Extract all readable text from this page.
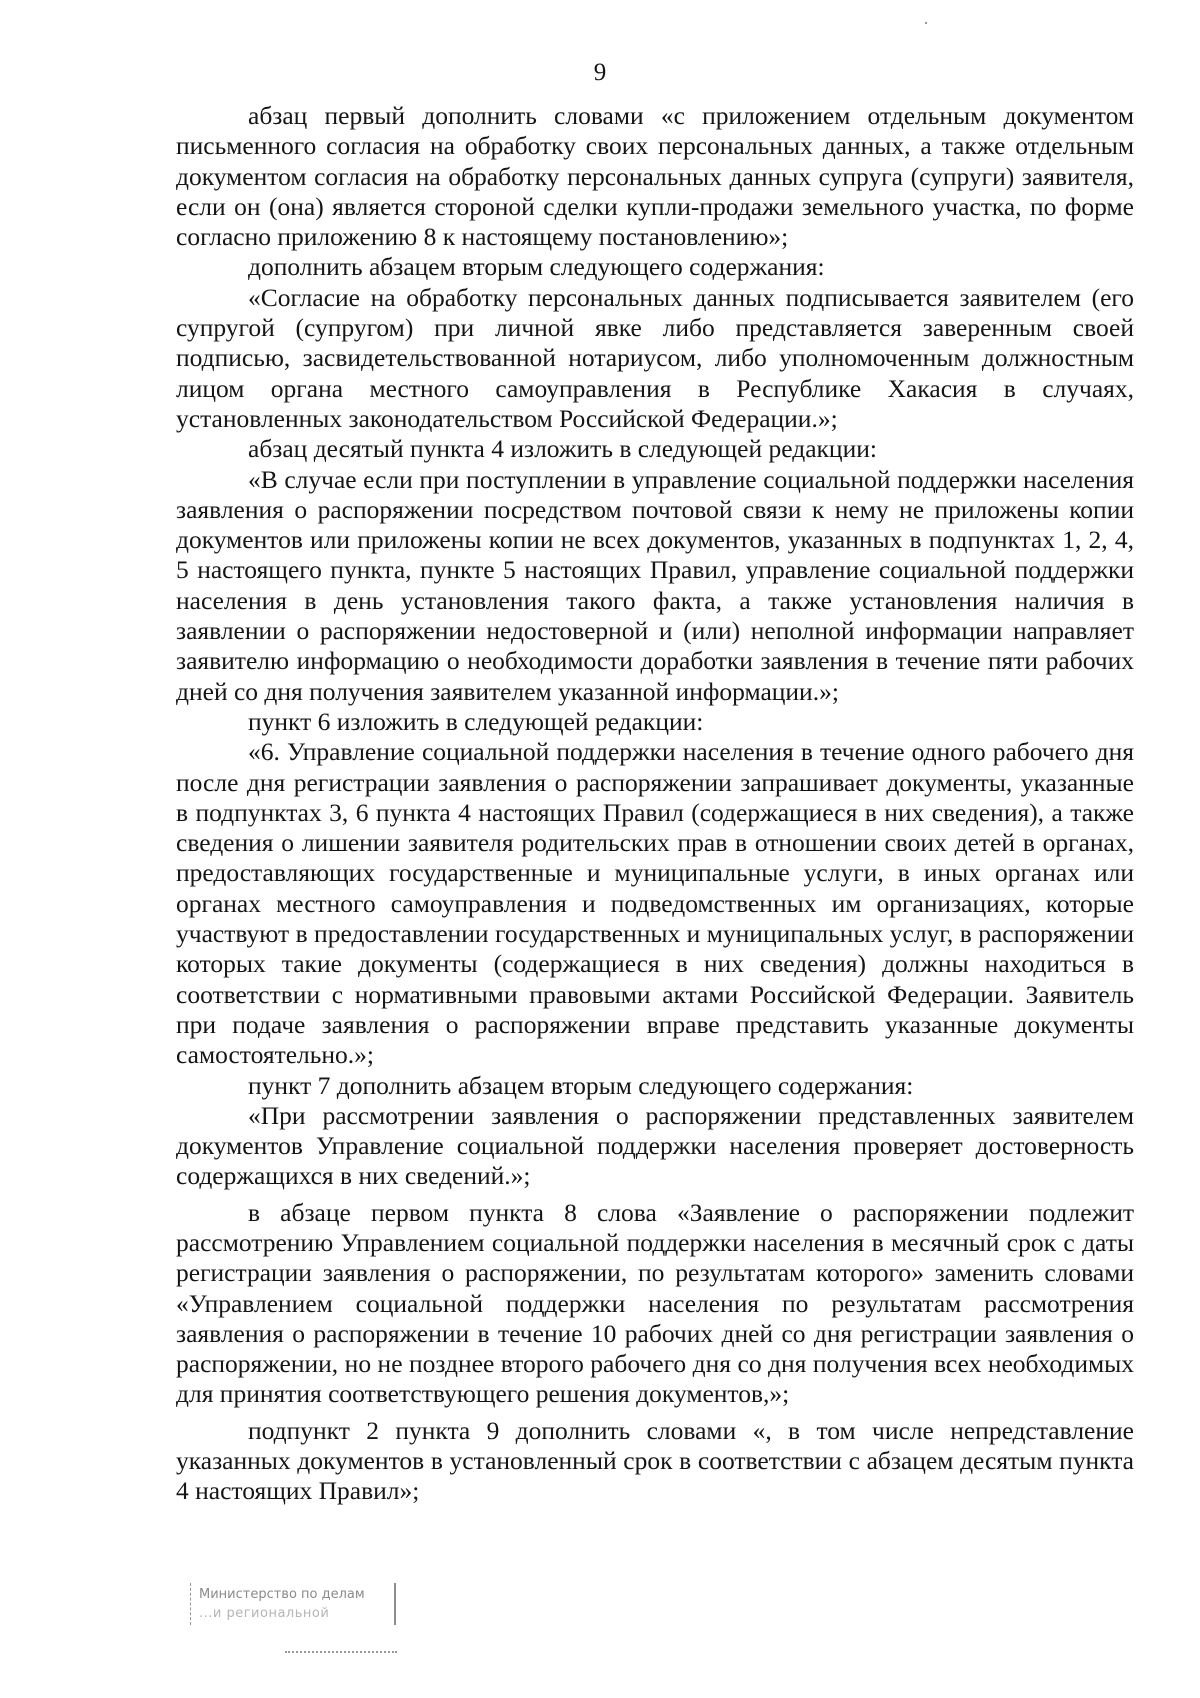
9

абзац первый дополнить словами «с приложением отдельным документом письменного согласия на обработку своих персональных данных, а также отдельным документом согласия на обработку персональных данных супруга (супруги) заявителя, если он (она) является стороной сделки купли-продажи земельного участка, по форме согласно приложению 8 к настоящему постановлению»;

дополнить абзацем вторым следующего содержания:

«Согласие на обработку персональных данных подписывается заявителем (его супругой (супругом) при личной явке либо представляется заверенным своей подписью, засвидетельствованной нотариусом, либо уполномоченным должностным лицом органа местного самоуправления в Республике Хакасия в случаях, установленных законодательством Российской Федерации.»;

абзац десятый пункта 4 изложить в следующей редакции:

«В случае если при поступлении в управление социальной поддержки населения заявления о распоряжении посредством почтовой связи к нему не приложены копии документов или приложены копии не всех документов, указанных в подпунктах 1, 2, 4, 5 настоящего пункта, пункте 5 настоящих Правил, управление социальной поддержки населения в день установления такого факта, а также установления наличия в заявлении о распоряжении недостоверной и (или) неполной информации направляет заявителю информацию о необходимости доработки заявления в течение пяти рабочих дней со дня получения заявителем указанной информации.»;

пункт 6 изложить в следующей редакции:

«6. Управление социальной поддержки населения в течение одного рабочего дня после дня регистрации заявления о распоряжении запрашивает документы, указанные в подпунктах 3, 6 пункта 4 настоящих Правил (содержащиеся в них сведения), а также сведения о лишении заявителя родительских прав в отношении своих детей в органах, предоставляющих государственные и муниципальные услуги, в иных органах или органах местного самоуправления и подведомственных им организациях, которые участвуют в предоставлении государственных и муниципальных услуг, в распоряжении которых такие документы (содержащиеся в них сведения) должны находиться в соответствии с нормативными правовыми актами Российской Федерации. Заявитель при подаче заявления о распоряжении вправе представить указанные документы самостоятельно.»;

пункт 7 дополнить абзацем вторым следующего содержания:

«При рассмотрении заявления о распоряжении представленных заявителем документов Управление социальной поддержки населения проверяет достоверность содержащихся в них сведений.»;

в абзаце первом пункта 8 слова «Заявление о распоряжении подлежит рассмотрению Управлением социальной поддержки населения в месячный срок с даты регистрации заявления о распоряжении, по результатам которого» заменить словами «Управлением социальной поддержки населения по результатам рассмотрения заявления о распоряжении в течение 10 рабочих дней со дня регистрации заявления о распоряжении, но не позднее второго рабочего дня со дня получения всех необходимых для принятия соответствующего решения документов,»;

подпункт 2 пункта 9 дополнить словами «, в том числе непредставление указанных документов в установленный срок в соответствии с абзацем десятым пункта 4 настоящих Правил»;

Министерство по делам
...и региональной
